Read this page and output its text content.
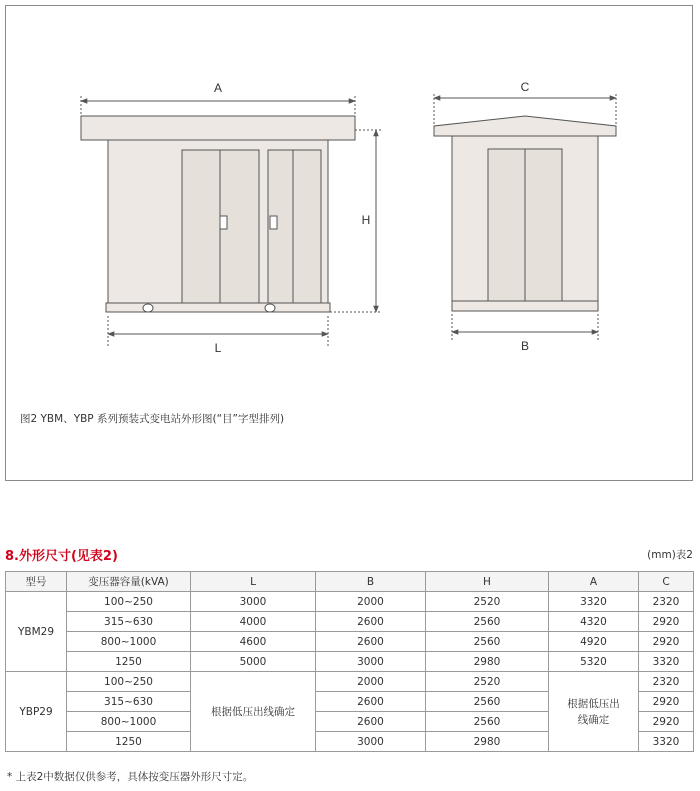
A
H
L
C
B
图2 YBM、YBP 系列预装式变电站外形图(“目”字型排列)
8.外形尺寸(见表2)	(mm)表2
型号	变压器容量(kVA)	L	B	H	A	C
YBM29	100~250	3000	2000	2520	3320	2320
	315~630	4000	2600	2560	4320	2920
	800~1000	4600	2600	2560	4920	2920
	1250	5000	3000	2980	5320	3320
YBP29	100~250	根据低压出线确定	2000	2520	根据低压出线确定	2320
	315~630		2600	2560		2920
	800~1000		2600	2560		2920
	1250		3000	2980		3320
* 上表2中数据仅供参考，具体按变压器外形尺寸定。
